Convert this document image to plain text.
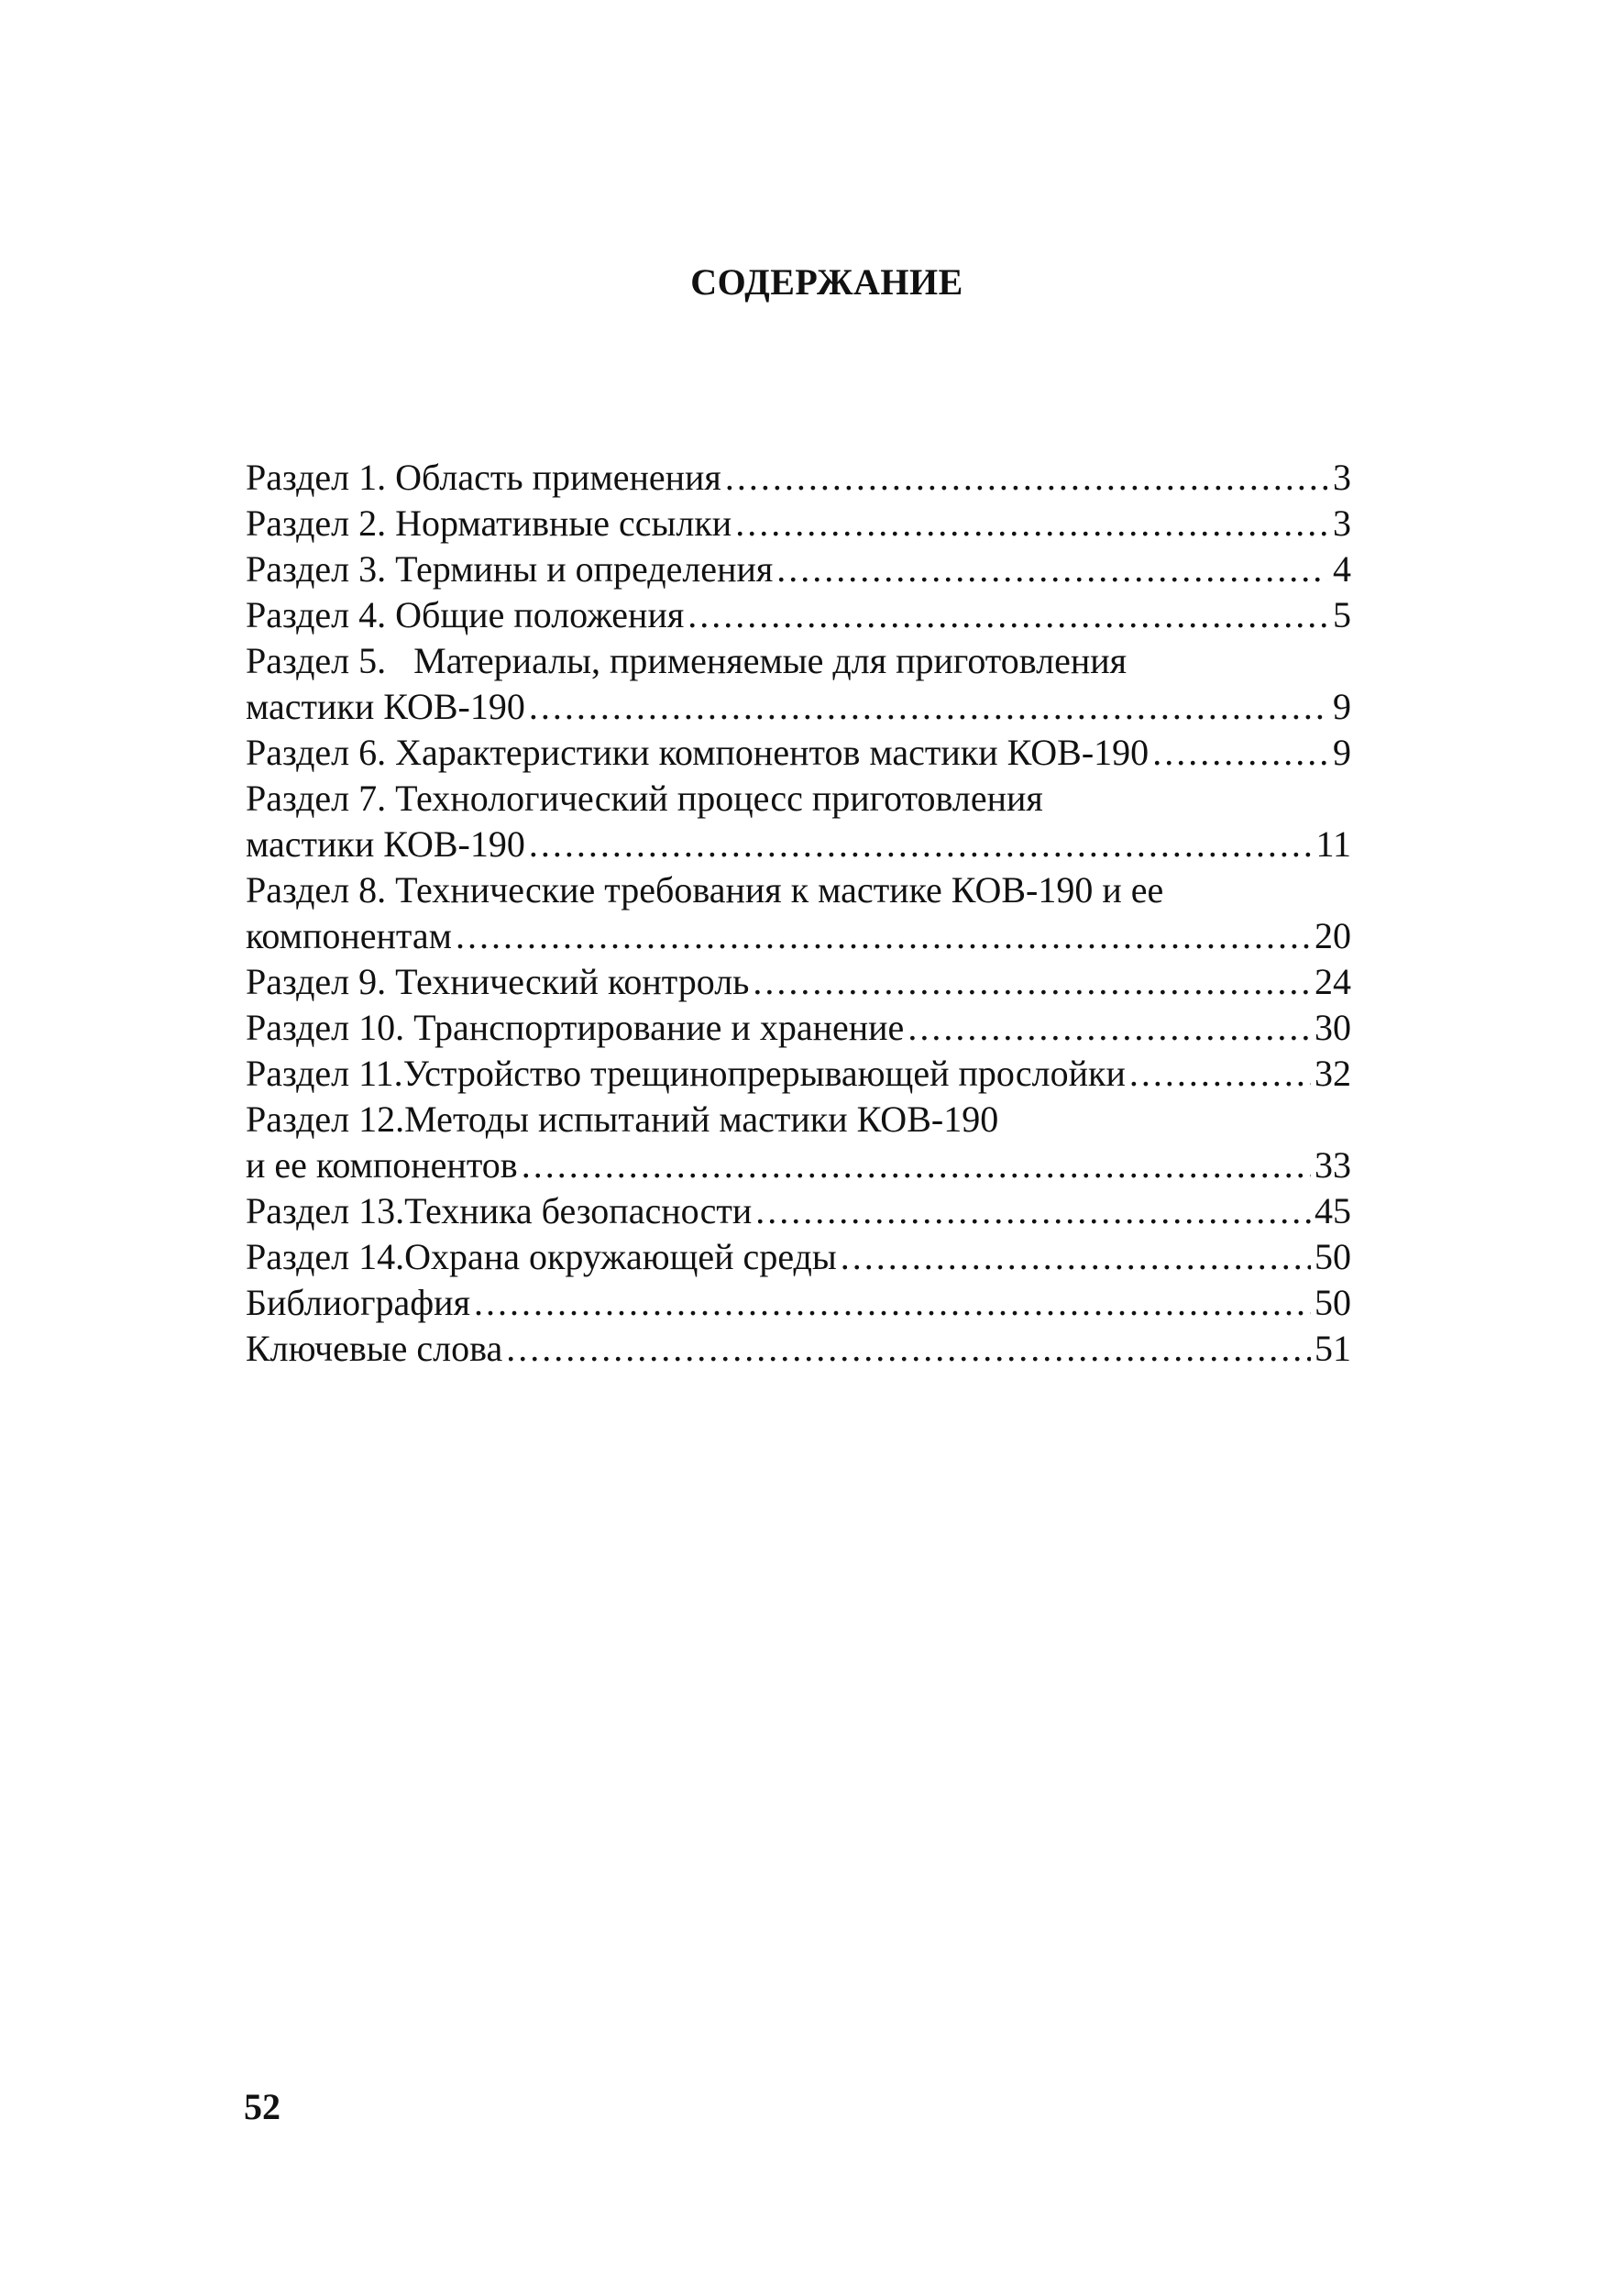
СОДЕРЖАНИЕ
Раздел 1. Область применения .....	3
Раздел 2. Нормативные ссылки .....	3
Раздел 3. Термины и определения .....	4
Раздел 4. Общие положения .....	5
Раздел 5.   Материалы, применяемые для приготовления
мастики КОВ-190 .....	9
Раздел 6. Характеристики компонентов мастики КОВ-190 .....	9
Раздел 7. Технологический процесс приготовления
мастики КОВ-190 .....	11
Раздел 8. Технические требования к мастике КОВ-190 и ее
компонентам .....	20
Раздел 9. Технический контроль .....	24
Раздел 10. Транспортирование и хранение .....	30
Раздел 11.Устройство трещинопрерывающей прослойки .....	32
Раздел 12.Методы испытаний мастики КОВ-190
и ее компонентов .....	33
Раздел 13.Техника безопасности .....	45
Раздел 14.Охрана окружающей среды .....	50
Библиография .....	50
Ключевые слова .....	51
52
